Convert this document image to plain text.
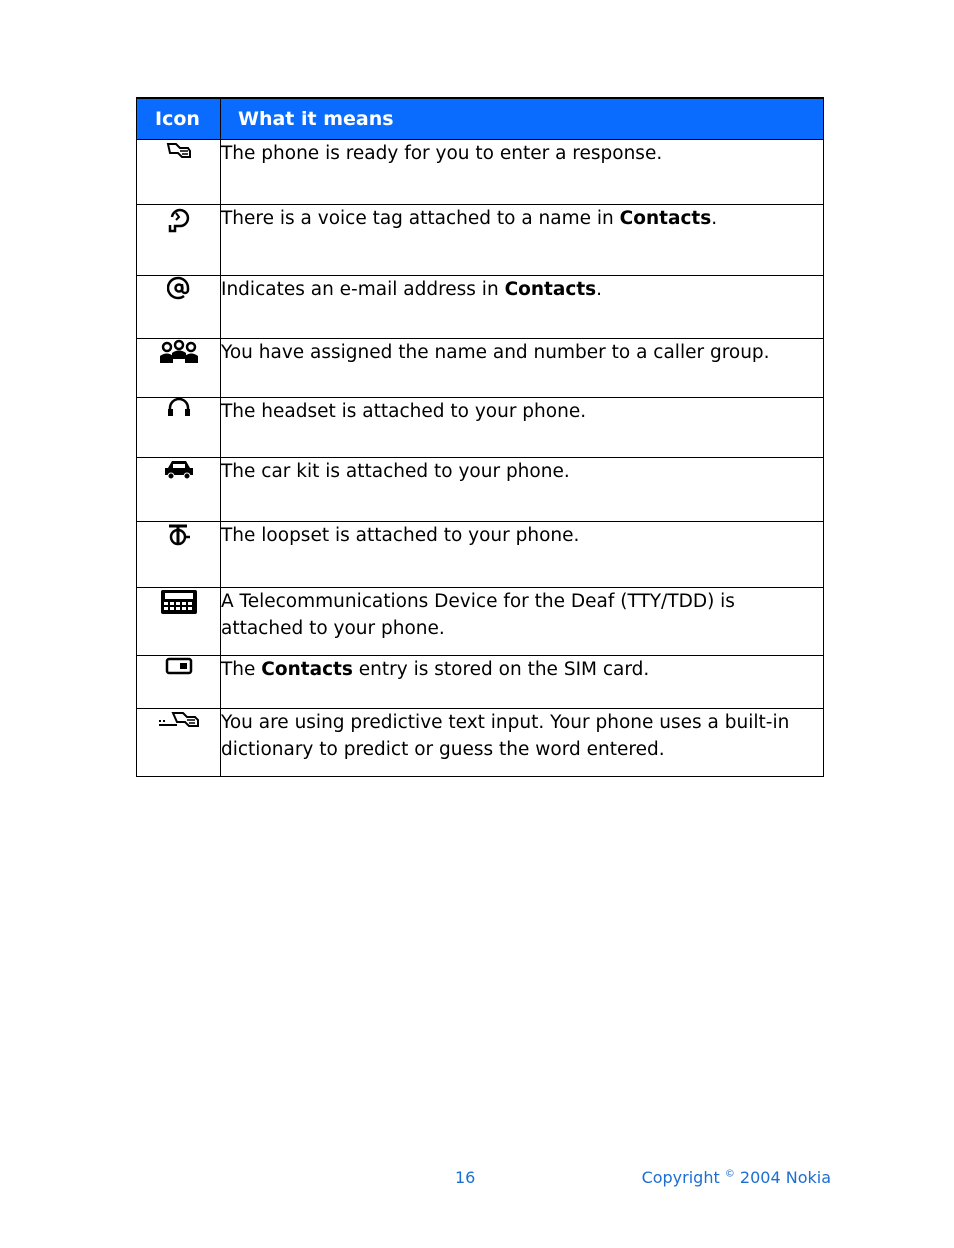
Icon	What it means
	The phone is ready for you to enter a response.
	There is a voice tag attached to a name in Contacts.
	Indicates an e-mail address in Contacts.
	You have assigned the name and number to a caller group.
	The headset is attached to your phone.
	The car kit is attached to your phone.
	The loopset is attached to your phone.
	A Telecommunications Device for the Deaf (TTY/TDD) is attached to your phone.
	The Contacts entry is stored on the SIM card.
	You are using predictive text input. Your phone uses a built-in dictionary to predict or guess the word entered.
16	Copyright © 2004 Nokia
